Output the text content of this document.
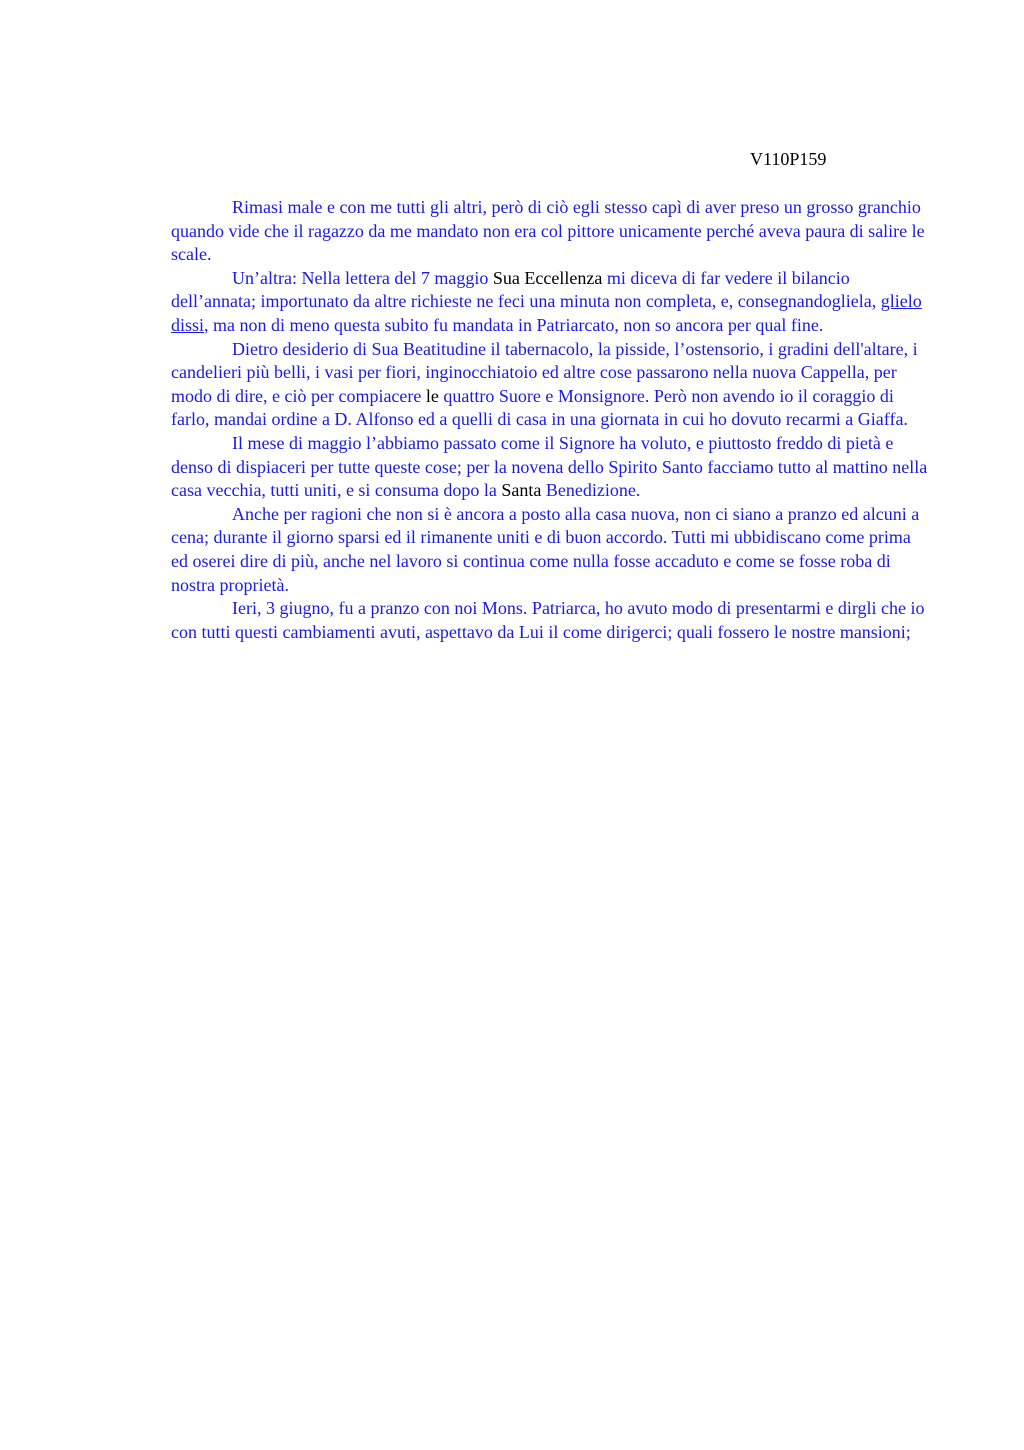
V110P159

Rimasi male e con me tutti gli altri, però di ciò egli stesso capì di aver preso un grosso granchio quando vide che il ragazzo da me mandato non era col pittore unicamente perché aveva paura di salire le scale.

Un’altra: Nella lettera del 7 maggio Sua Eccellenza mi diceva di far vedere il bilancio dell’annata; importunato da altre richieste ne feci una minuta non completa, e, consegnandogliela, glielo dissi, ma non di meno questa subito fu mandata in Patriarcato, non so ancora per qual fine.

Dietro desiderio di Sua Beatitudine il tabernacolo, la pisside, l’ostensorio, i gradini dell'altare, i candelieri più belli, i vasi per fiori, inginocchiatoio ed altre cose passarono nella nuova Cappella, per modo di dire, e ciò per compiacere le quattro Suore e Monsignore. Però non avendo io il coraggio di farlo, mandai ordine a D. Alfonso ed a quelli di casa in una giornata in cui ho dovuto recarmi a Giaffa.

Il mese di maggio l’abbiamo passato come il Signore ha voluto, e piuttosto freddo di pietà e denso di dispiaceri per tutte queste cose; per la novena dello Spirito Santo facciamo tutto al mattino nella casa vecchia, tutti uniti, e si consuma dopo la Santa Benedizione.

Anche per ragioni che non si è ancora a posto alla casa nuova, non ci siano a pranzo ed alcuni a cena; durante il giorno sparsi ed il rimanente uniti e di buon accordo. Tutti mi ubbidiscano come prima ed oserei dire di più, anche nel lavoro si continua come nulla fosse accaduto e come se fosse roba di nostra proprietà.

Ieri, 3 giugno, fu a pranzo con noi Mons. Patriarca, ho avuto modo di presentarmi e dirgli che io con tutti questi cambiamenti avuti, aspettavo da Lui il come dirigerci; quali fossero le nostre mansioni;
